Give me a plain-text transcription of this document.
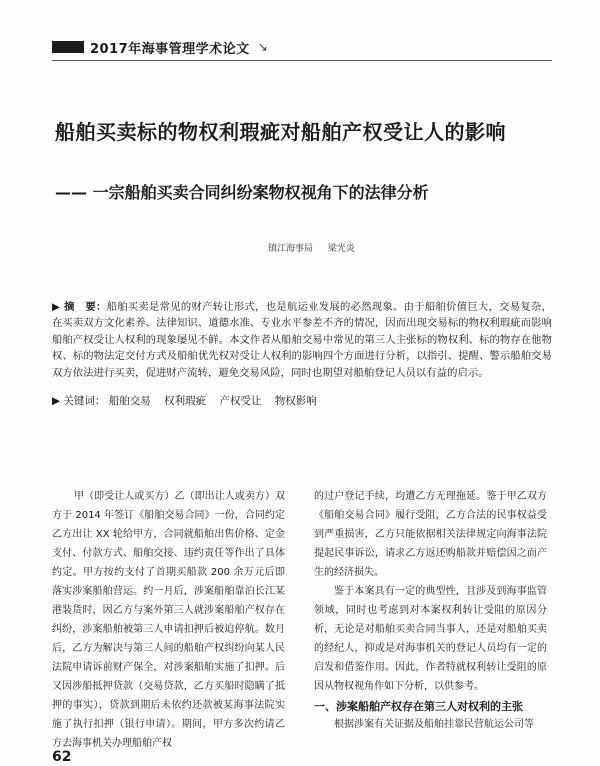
2017年海事管理学术论文 ↘
船舶买卖标的物权利瑕疵对船舶产权受让人的影响
—— 一宗船舶买卖合同纠纷案物权视角下的法律分析
镇江海事局 梁光炎
▶ 摘　要：船舶买卖是常见的财产转让形式，也是航运业发展的必然现象。由于船舶价值巨大，交易复杂，在买卖双方文化素养、法律知识、道德水准、专业水平参差不齐的情况，因而出现交易标的物权利瑕疵而影响船舶产权受让人权利的现象屡见不鲜。本文作者从船舶交易中常见的第三人主张标的物权利、标的物存在他物权、标的物法定交付方式及船舶优先权对受让人权利的影响四个方面进行分析，以指引、提醒、警示船舶交易双方依法进行买卖，促进财产流转，避免交易风险，同时也期望对船舶登记人员以有益的启示。
▶ 关键词： 船舶交易 权利瑕疵 产权受让 物权影响

甲（即受让人或买方）乙（即出让人或卖方）双方于 2014 年签订《船舶交易合同》一份，合同约定乙方出让 XX 轮给甲方，合同就船舶出售价格、定金支付、付款方式、船舶交接、违约责任等作出了具体约定。甲方按约支付了首期买船款 200 余万元后即落实涉案船舶营运。约一月后，涉案船舶靠泊长江某港装货时，因乙方与案外第三人就涉案船舶产权存在纠纷，涉案船舶被第三人申请扣押后被迫停航。数月后，乙方为解决与第三人间的船舶产权纠纷向某人民法院申请诉前财产保全，对涉案船舶实施了扣押。后又因涉船抵押贷款（交易贷款，乙方买船时隐瞒了抵押的事实），贷款到期后未依约还款被某海事法院实施了执行扣押（银行申请）。期间，甲方多次约请乙方去海事机关办理船舶产权

的过户登记手续，均遭乙方无理拖延。鉴于甲乙双方《船舶交易合同》履行受阻，乙方合法的民事权益受到严重损害，乙方只能依据相关法律规定向海事法院提起民事诉讼，请求乙方返还购船款并赔偿因之而产生的经济损失。

鉴于本案具有一定的典型性，且涉及到海事监管领域，同时也考虑到对本案权利转让受阻的原因分析，无论是对船舶买卖合同当事人，还是对船舶买卖的经纪人，抑或是对海事机关的登记人员均有一定的启发和借鉴作用。因此，作者特就权利转让受阻的原因从物权视角作如下分析，以供参考。

一、涉案船舶产权存在第三人对权利的主张

根据涉案有关证据及船舶挂靠民营航运公司等

62
